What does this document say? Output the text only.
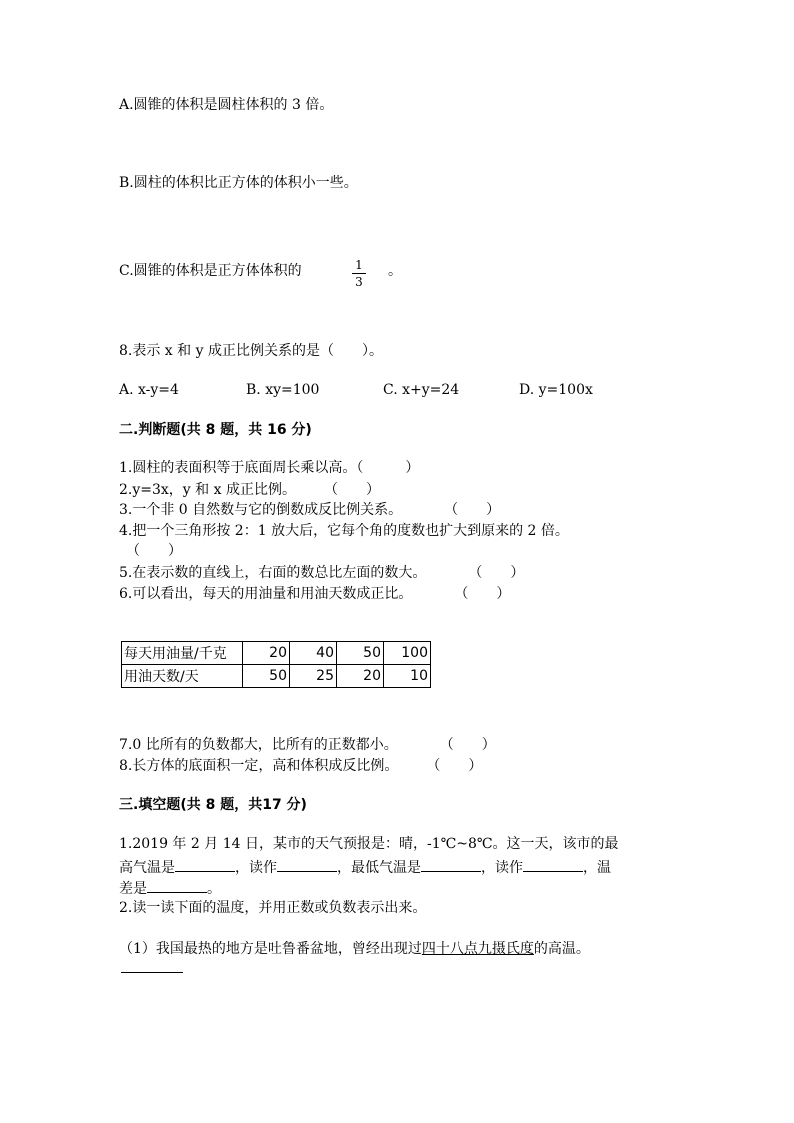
A.圆锥的体积是圆柱体积的 3 倍。
B.圆柱的体积比正方体的体积小一些。
C.圆锥的体积是正方体体积的	1
3
。
8.表示 x 和 y 成正比例关系的是（　　）。
A. x-y=4	B. xy=100	C. x+y=24	D. y=100x
二.判断题(共 8 题，共 16 分)
1.圆柱的表面积等于底面周长乘以高。（　　　）
2.y=3x，y 和 x 成正比例。　　　（　　）
3.一个非 0 自然数与它的倒数成反比例关系。　　　　（　　）
4.把一个三角形按 2：1 放大后，它每个角的度数也扩大到原来的 2 倍。
　（　　）
5.在表示数的直线上，右面的数总比左面的数大。　　　　（　　）
6.可以看出，每天的用油量和用油天数成正比。　　　　（　　）
每天用油量/千克	20	40	50	100
用油天数/天	50	25	20	10
7.0 比所有的负数都大，比所有的正数都小。　　　　（　　）
8.长方体的底面积一定，高和体积成反比例。　　　（　　）
三.填空题(共 8 题，共17 分)
1.2019 年 2 月 14 日，某市的天气预报是：晴，-1℃~8℃。这一天，该市的最
高气温是	，读作	，最低气温是	，读作	，温
差是	。
2.读一读下面的温度，并用正数或负数表示出来。
（1）我国最热的地方是吐鲁番盆地，曾经出现过四十八点九摄氏度的高温。
